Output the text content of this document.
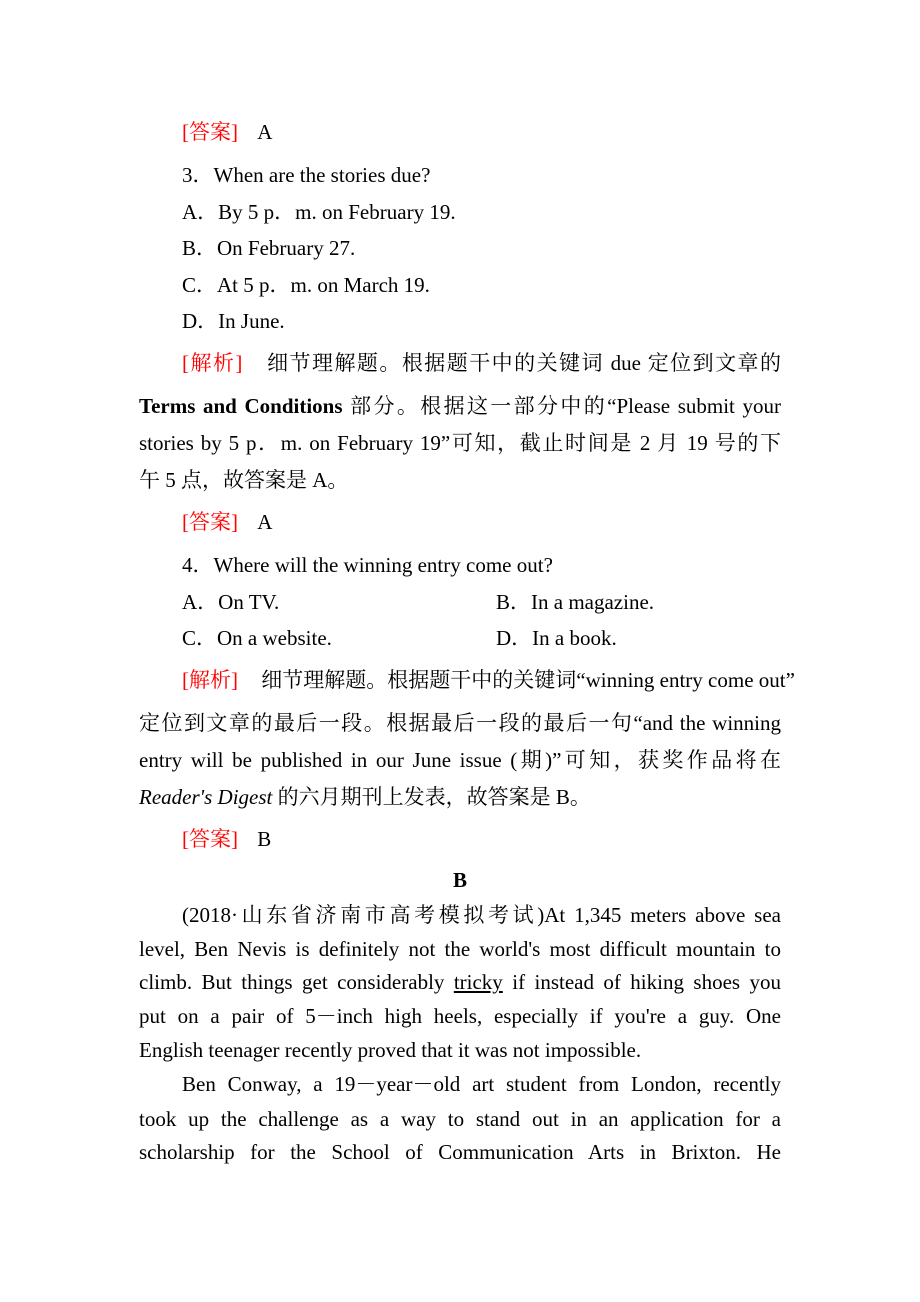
[答案] A
3．When are the stories due?
A．By 5 p．m. on February 19.
B．On February 27.
C．At 5 p．m. on March 19.
D．In June.
[解析] 细节理解题。根据题干中的关键词 due 定位到文章的
Terms and Conditions 部分。根据这一部分中的“Please submit your
stories by 5 p．m. on February 19”可知，截止时间是 2 月 19 号的下
午 5 点，故答案是 A。
[答案] A
4．Where will the winning entry come out?
A．On TV.	B．In a magazine.
C．On a website.	D．In a book.
[解析] 细节理解题。根据题干中的关键词“winning entry come out”
定位到文章的最后一段。根据最后一段的最后一句“and the winning
entry will be published in our June issue (期)”可知，获奖作品将在
Reader's Digest 的六月期刊上发表，故答案是 B。
[答案] B
B
(2018·山东省济南市高考模拟考试)At 1,345 meters above sea
level, Ben Nevis is definitely not the world's most difficult mountain to
climb. But things get considerably tricky if instead of hiking shoes you
put on a pair of 5－inch high heels, especially if you're a guy. One
English teenager recently proved that it was not impossible.
Ben Conway, a 19－year－old art student from London, recently
took up the challenge as a way to stand out in an application for a
scholarship for the School of Communication Arts in Brixton. He
